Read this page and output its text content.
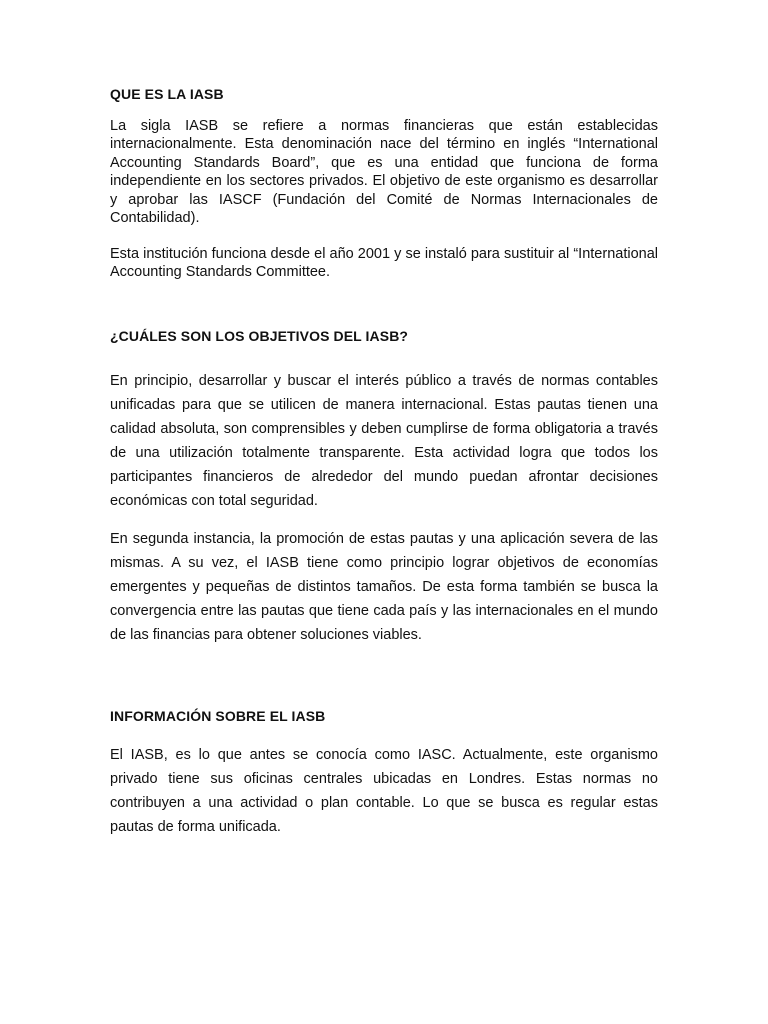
QUE ES LA IASB

La sigla IASB se refiere a normas financieras que están establecidas internacionalmente. Esta denominación nace del término en inglés “International Accounting Standards Board”, que es una entidad que funciona de forma independiente en los sectores privados. El objetivo de este organismo es desarrollar y aprobar las IASCF (Fundación del Comité de Normas Internacionales de Contabilidad).

Esta institución funciona desde el año 2001 y se instaló para sustituir al “International Accounting Standards Committee.

¿CUÁLES SON LOS OBJETIVOS DEL IASB?

En principio, desarrollar y buscar el interés público a través de normas contables unificadas para que se utilicen de manera internacional. Estas pautas tienen una calidad absoluta, son comprensibles y deben cumplirse de forma obligatoria a través de una utilización totalmente transparente. Esta actividad logra que todos los participantes financieros de alrededor del mundo puedan afrontar decisiones económicas con total seguridad.

En segunda instancia, la promoción de estas pautas y una aplicación severa de las mismas. A su vez, el IASB tiene como principio lograr objetivos de economías emergentes y pequeñas de distintos tamaños. De esta forma también se busca la convergencia entre las pautas que tiene cada país y las internacionales en el mundo de las financias para obtener soluciones viables.

INFORMACIÓN SOBRE EL IASB

El IASB, es lo que antes se conocía como IASC. Actualmente, este organismo privado tiene sus oficinas centrales ubicadas en Londres. Estas normas no contribuyen a una actividad o plan contable. Lo que se busca es regular estas pautas de forma unificada.
